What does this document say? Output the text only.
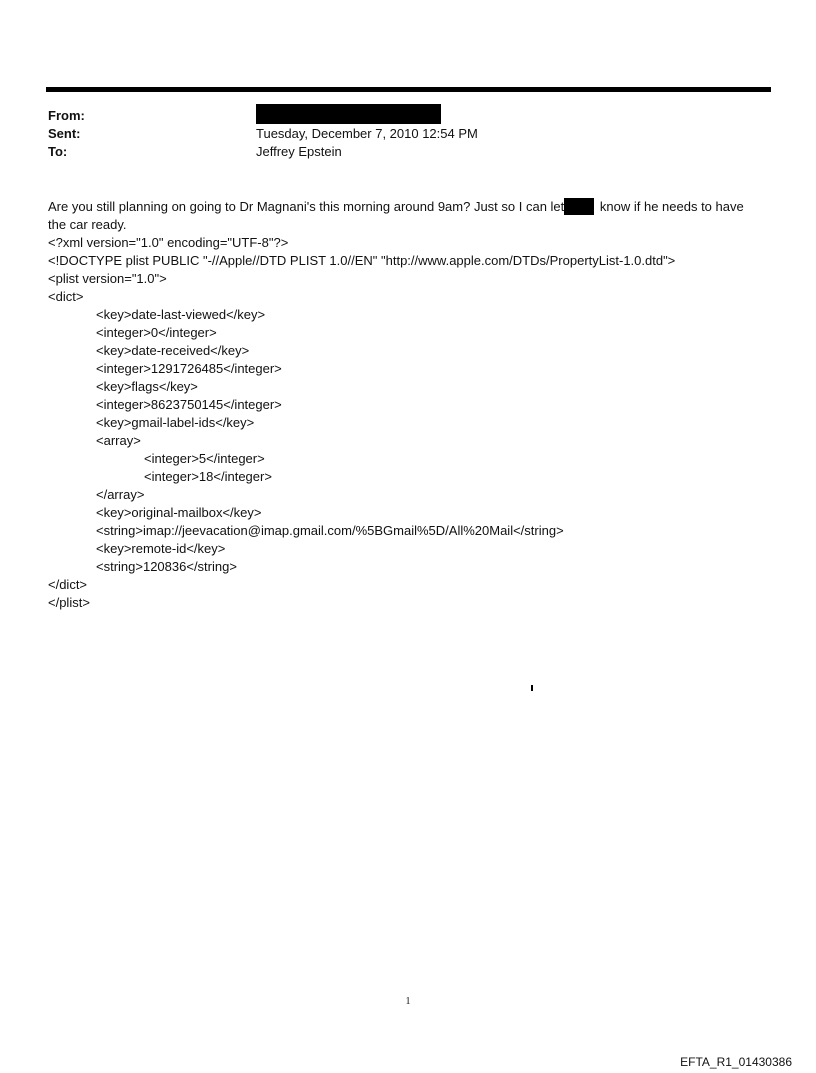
From:
Sent:	Tuesday, December 7, 2010 12:54 PM
To:	Jeffrey Epstein
Are you still planning on going to Dr Magnani's this morning around 9am? Just so I can let know if he needs to have
the car ready.
<?xml version="1.0" encoding="UTF-8"?>
<!DOCTYPE plist PUBLIC "-//Apple//DTD PLIST 1.0//EN" "http://www.apple.com/DTDs/PropertyList-1.0.dtd">
<plist version="1.0">
<dict>
<key>date-last-viewed</key>
<integer>0</integer>
<key>date-received</key>
<integer>1291726485</integer>
<key>flags</key>
<integer>8623750145</integer>
<key>gmail-label-ids</key>
<array>
<integer>5</integer>
<integer>18</integer>
</array>
<key>original-mailbox</key>
<string>imap://jeevacation@imap.gmail.com/%5BGmail%5D/All%20Mail</string>
<key>remote-id</key>
<string>120836</string>
</dict>
</plist>
1
EFTA_R1_01430386
